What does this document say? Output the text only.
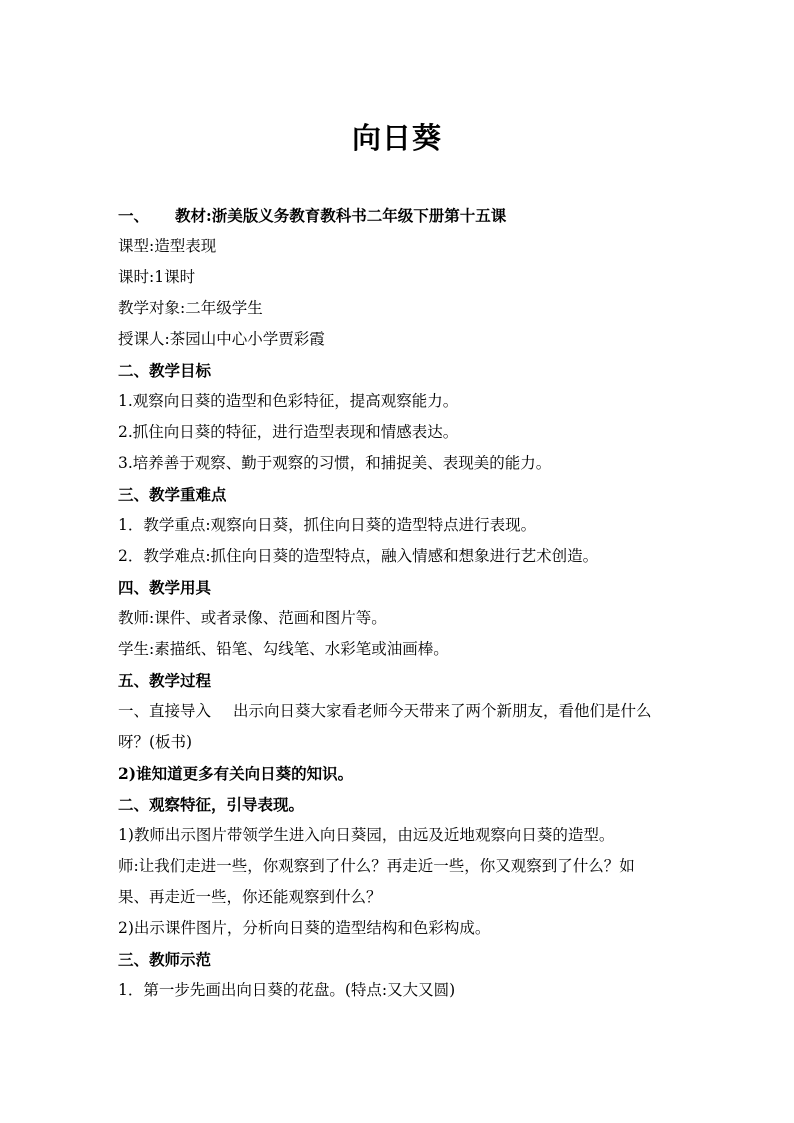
向日葵
一、 教材:浙美版义务教育教科书二年级下册第十五课
课型:造型表现
课时:1课时
教学对象:二年级学生
授课人:茶园山中心小学贾彩霞
二、教学目标
1.观察向日葵的造型和色彩特征，提高观察能力。
2.抓住向日葵的特征，进行造型表现和情感表达。
3.培养善于观察、勤于观察的习惯，和捕捉美、表现美的能力。
三、教学重难点
1．教学重点:观察向日葵，抓住向日葵的造型特点进行表现。
2．教学难点:抓住向日葵的造型特点，融入情感和想象进行艺术创造。
四、教学用具
教师:课件、或者录像、范画和图片等。
学生:素描纸、铅笔、勾线笔、水彩笔或油画棒。
五、教学过程
一、直接导入 出示向日葵大家看老师今天带来了两个新朋友，看他们是什么
呀？(板书)
2)谁知道更多有关向日葵的知识。
二、观察特征，引导表现。
1)教师出示图片带领学生进入向日葵园，由远及近地观察向日葵的造型。
师:让我们走进一些，你观察到了什么？再走近一些，你又观察到了什么？如
果、再走近一些，你还能观察到什么？
2)出示课件图片，分析向日葵的造型结构和色彩构成。
三、教师示范
1．第一步先画出向日葵的花盘。(特点:又大又圆)
